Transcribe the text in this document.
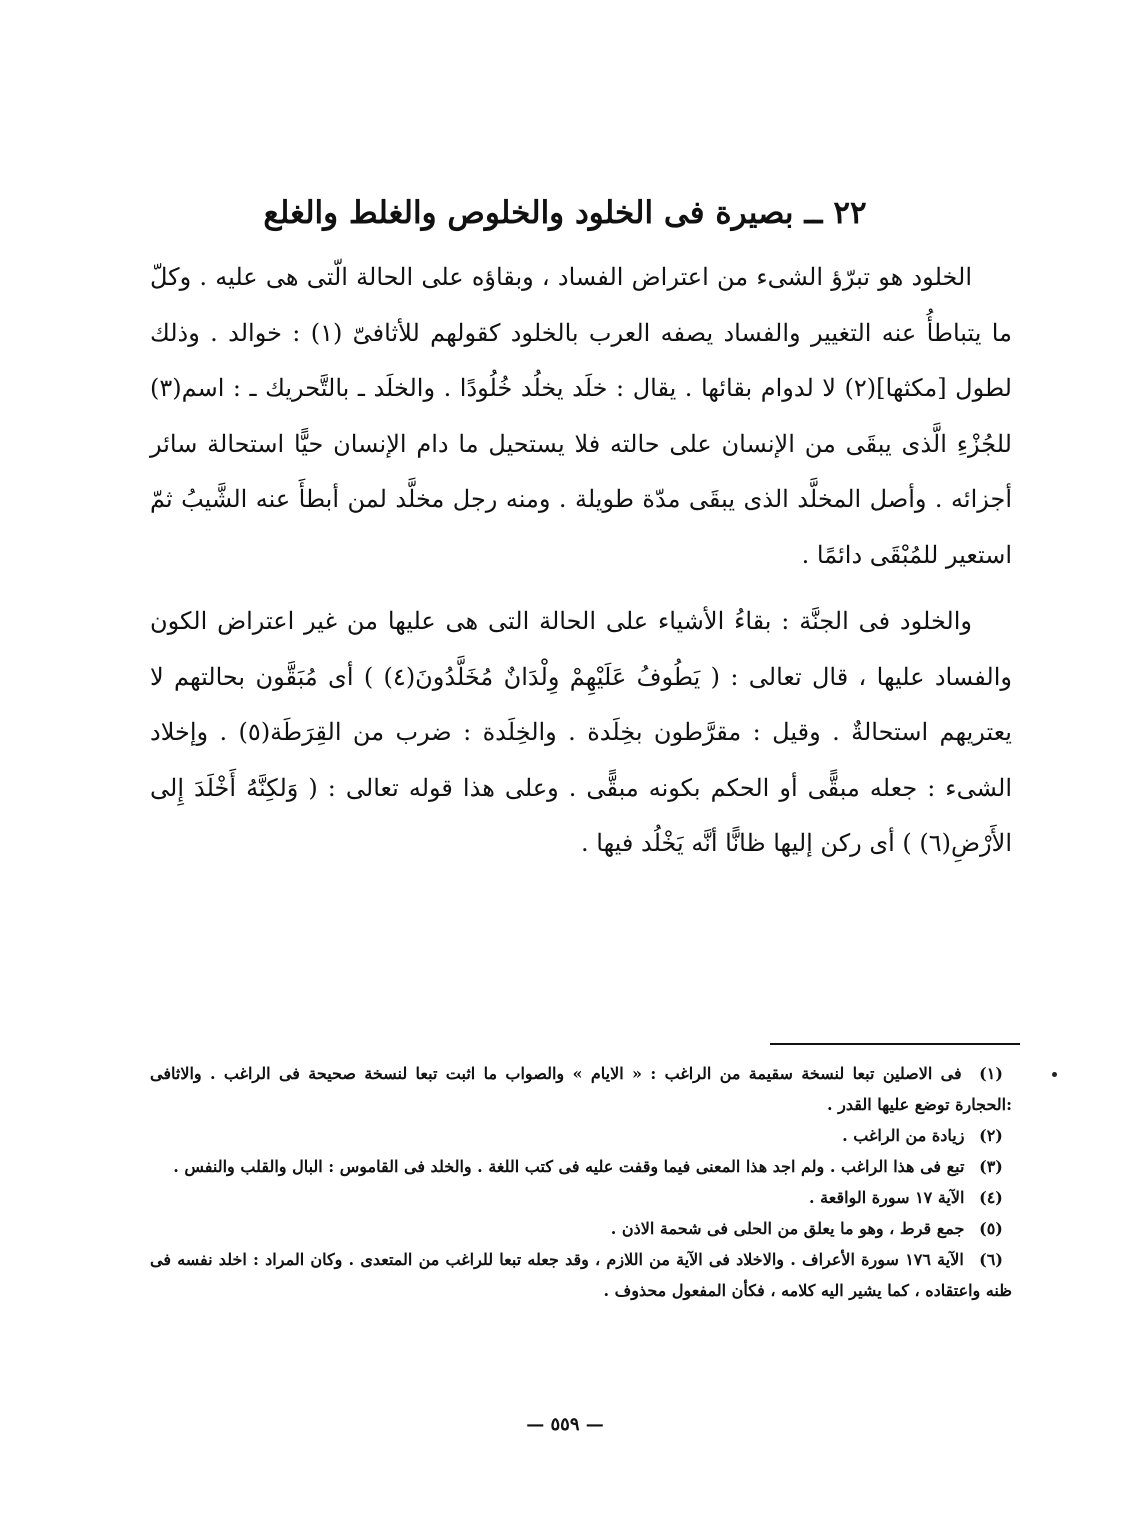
٢٢ ــ بصيرة فى الخلود والخلوص والغلط والغلع

الخلود هو تبرّؤ الشىء من اعتراض الفساد ، وبقاؤه على الحالة الّتى هى عليه . وكلّ ما يتباطأُ عنه التغيير والفساد يصفه العرب بالخلود كقولهم للأثافىّ (١) : خوالد . وذلك لطول [مكثها](٢) لا لدوام بقائها . يقال : خلَد يخلُد خُلُودًا . والخلَد ـ بالتَّحريك ـ : اسم(٣) للجُزْءِ الَّذى يبقَى من الإنسان على حالته فلا يستحيل ما دام الإنسان حيًّا استحالة سائر أجزائه . وأصل المخلَّد الذى يبقَى مدّة طويلة . ومنه رجل مخلَّد لمن أبطأَ عنه الشَّيبُ ثمّ استعير للمُبْقَى دائمًا .

والخلود فى الجنَّة : بقاءُ الأشياء على الحالة التى هى عليها من غير اعتراض الكون والفساد عليها ، قال تعالى : ( يَطُوفُ عَلَيْهِمْ وِلْدَانٌ مُخَلَّدُونَ(٤) ) أى مُبَقَّون بحالتهم لا يعتريهم استحالةٌ . وقيل : مقرَّطون بخِلَدة . والخِلَدة : ضرب من القِرَطَة(٥) . وإخلاد الشىء : جعله مبقًّى أو الحكم بكونه مبقًّى . وعلى هذا قوله تعالى : ( وَلكِنَّهُ أَخْلَدَ إِلى الأَرْضِ(٦) ) أى ركن إليها ظانًّا أنَّه يَخْلُد فيها .

(١) فى الاصلين تبعا لنسخة سقيمة من الراغب : « الايام » والصواب ما اثبت تبعا لنسخة صحيحة فى الراغب . والاثافى :الحجارة توضع عليها القدر .

(٢) زيادة من الراغب .

(٣) تبع فى هذا الراغب . ولم اجد هذا المعنى فيما وقفت عليه فى كتب اللغة . والخلد فى القاموس : البال والقلب والنفس .

(٤) الآية ١٧ سورة الواقعة .

(٥) جمع قرط ، وهو ما يعلق من الحلى فى شحمة الاذن .

(٦) الآية ١٧٦ سورة الأعراف . والاخلاد فى الآية من اللازم ، وقد جعله تبعا للراغب من المتعدى . وكان المراد : اخلد نفسه فى ظنه واعتقاده ، كما يشير اليه كلامه ، فكأن المفعول محذوف .

— ٥٥٩ —
